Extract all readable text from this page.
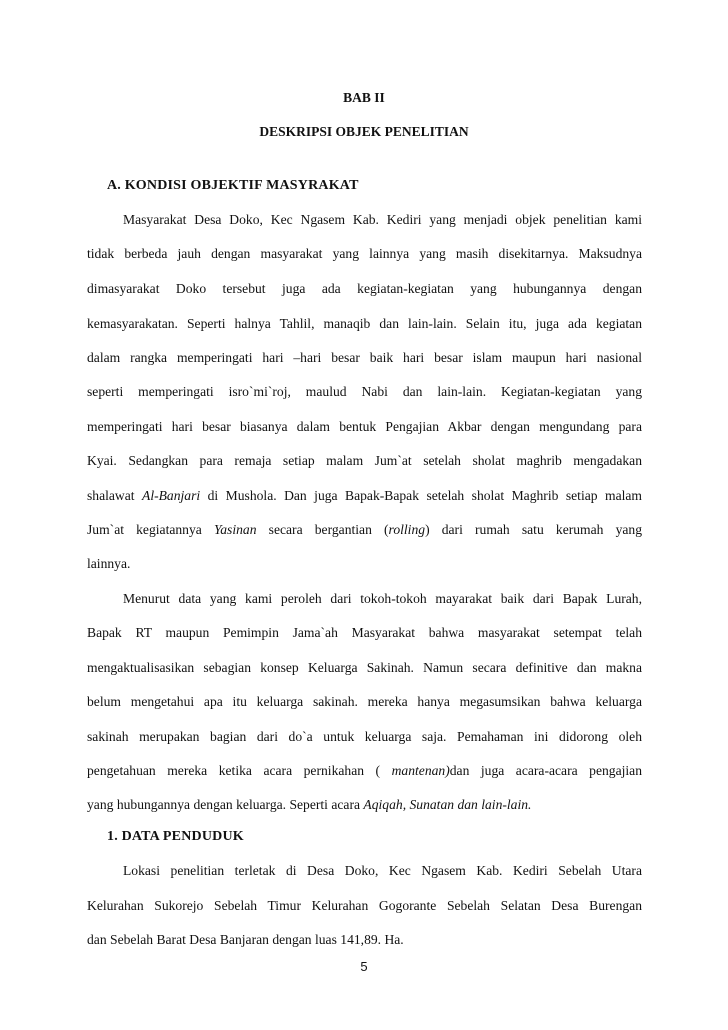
BAB II
DESKRIPSI OBJEK PENELITIAN
A. KONDISI OBJEKTIF MASYRAKAT
Masyarakat Desa Doko, Kec Ngasem Kab. Kediri yang menjadi objek penelitian kami
tidak berbeda jauh dengan masyarakat yang lainnya yang masih disekitarnya. Maksudnya
dimasyarakat Doko tersebut juga ada kegiatan-kegiatan yang hubungannya dengan
kemasyarakatan. Seperti halnya Tahlil, manaqib dan lain-lain. Selain itu, juga ada kegiatan
dalam rangka memperingati hari –hari besar baik hari besar islam maupun hari nasional
seperti memperingati isro`mi`roj, maulud Nabi dan lain-lain. Kegiatan-kegiatan yang
memperingati hari besar biasanya dalam bentuk Pengajian Akbar dengan mengundang para
Kyai. Sedangkan para remaja setiap malam Jum`at setelah sholat maghrib mengadakan
shalawat Al-Banjari di Mushola. Dan juga Bapak-Bapak setelah sholat Maghrib setiap malam
Jum`at kegiatannya Yasinan secara bergantian (rolling) dari rumah satu kerumah yang
lainnya.
Menurut data yang kami peroleh dari tokoh-tokoh mayarakat baik dari Bapak Lurah,
Bapak RT maupun Pemimpin Jama`ah Masyarakat bahwa masyarakat setempat telah
mengaktualisasikan sebagian konsep Keluarga Sakinah. Namun secara definitive dan makna
belum mengetahui apa itu keluarga sakinah. mereka hanya megasumsikan bahwa keluarga
sakinah merupakan bagian dari do`a untuk keluarga saja. Pemahaman ini didorong oleh
pengetahuan mereka ketika acara pernikahan ( mantenan)dan juga acara-acara pengajian
yang hubungannya dengan keluarga. Seperti acara Aqiqah, Sunatan dan lain-lain.
1. DATA PENDUDUK
Lokasi penelitian terletak di Desa Doko, Kec Ngasem Kab. Kediri Sebelah Utara
Kelurahan Sukorejo Sebelah Timur Kelurahan Gogorante Sebelah Selatan Desa Burengan
dan Sebelah Barat Desa Banjaran dengan luas 141,89. Ha.
5
